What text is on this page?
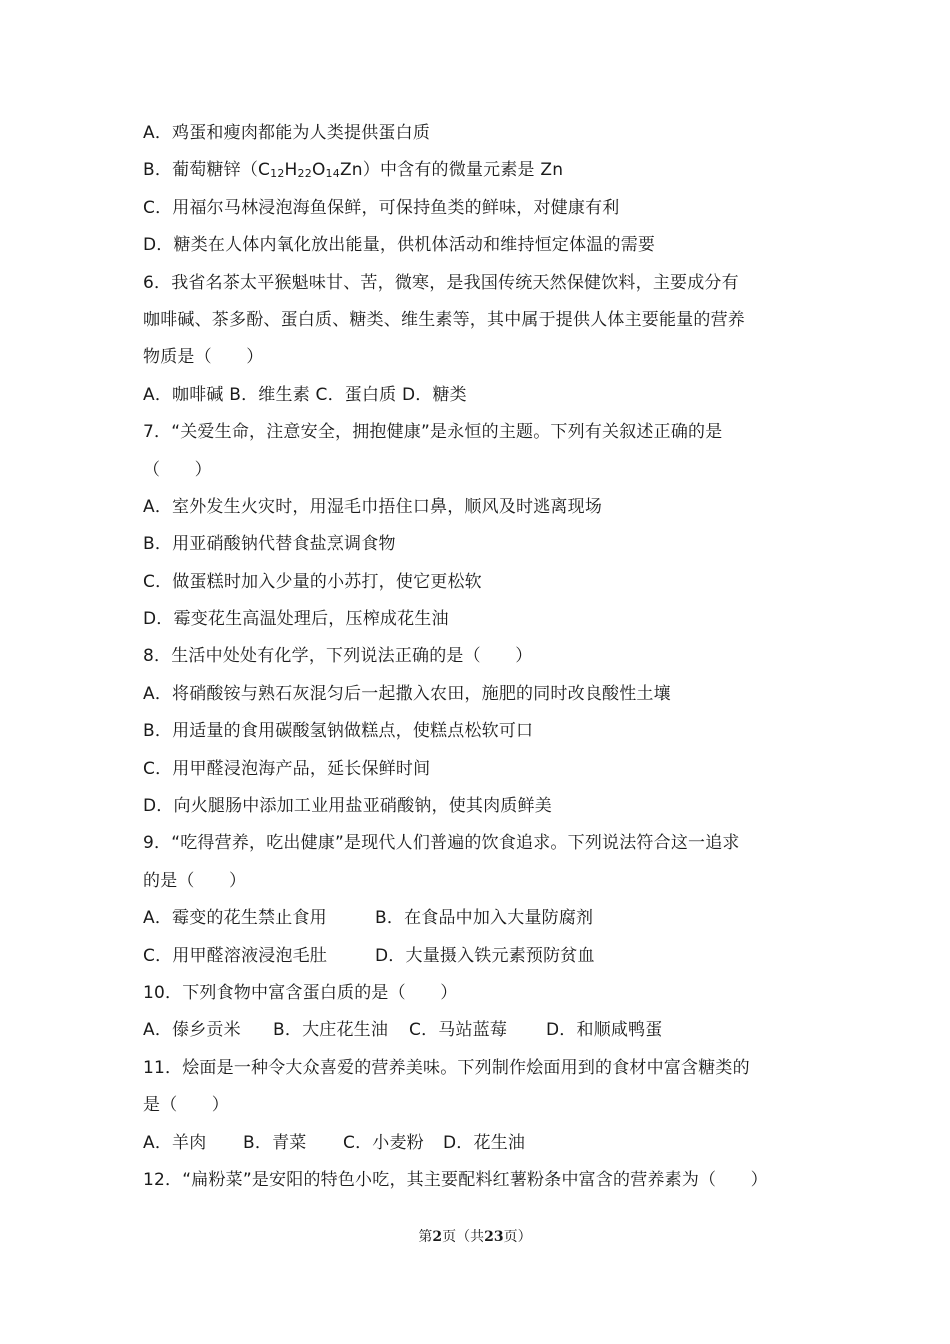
A．鸡蛋和瘦肉都能为人类提供蛋白质
B．葡萄糖锌$(C_{12}H_{22}O_{14}Zn)$中含有的微量元素是 Zn
C．用福尔马林浸泡海鱼保鲜，可保持鱼类的鲜味，对健康有利
D．糖类在人体内氧化放出能量，供机体活动和维持恒定体温的需要
6．我省名茶太平猴魁味甘、苦，微寒，是我国传统天然保健饮料，主要成分有
咖啡碱、茶多酚、蛋白质、糖类、维生素等，其中属于提供人体主要能量的营养
物质是（　　）
A．咖啡碱 B．维生素 C．蛋白质 D．糖类
7．“关爱生命，注意安全，拥抱健康”是永恒的主题。下列有关叙述正确的是
（　　）
A．室外发生火灾时，用湿毛巾捂住口鼻，顺风及时逃离现场
B．用亚硝酸钠代替食盐烹调食物
C．做蛋糕时加入少量的小苏打，使它更松软
D．霉变花生高温处理后，压榨成花生油
8．生活中处处有化学，下列说法正确的是（　　）
A．将硝酸铵与熟石灰混匀后一起撒入农田，施肥的同时改良酸性土壤
B．用适量的食用碳酸氢钠做糕点，使糕点松软可口
C．用甲醛浸泡海产品，延长保鲜时间
D．向火腿肠中添加工业用盐亚硝酸钠，使其肉质鲜美
9．“吃得营养，吃出健康”是现代人们普遍的饮食追求。下列说法符合这一追求
的是（　　）
A．霉变的花生禁止食用	B．在食品中加入大量防腐剂
C．用甲醛溶液浸泡毛肚	D．大量摄入铁元素预防贫血
10．下列食物中富含蛋白质的是（　　）
A．傣乡贡米 B．大庄花生油 C．马站蓝莓 D．和顺咸鸭蛋
11．烩面是一种令大众喜爱的营养美味。下列制作烩面用到的食材中富含糖类的
是（　　）
A．羊肉 B．青菜 C．小麦粉 D．花生油
12．“扁粉菜”是安阳的特色小吃，其主要配料红薯粉条中富含的营养素为（　　）
第2页（共23页）
